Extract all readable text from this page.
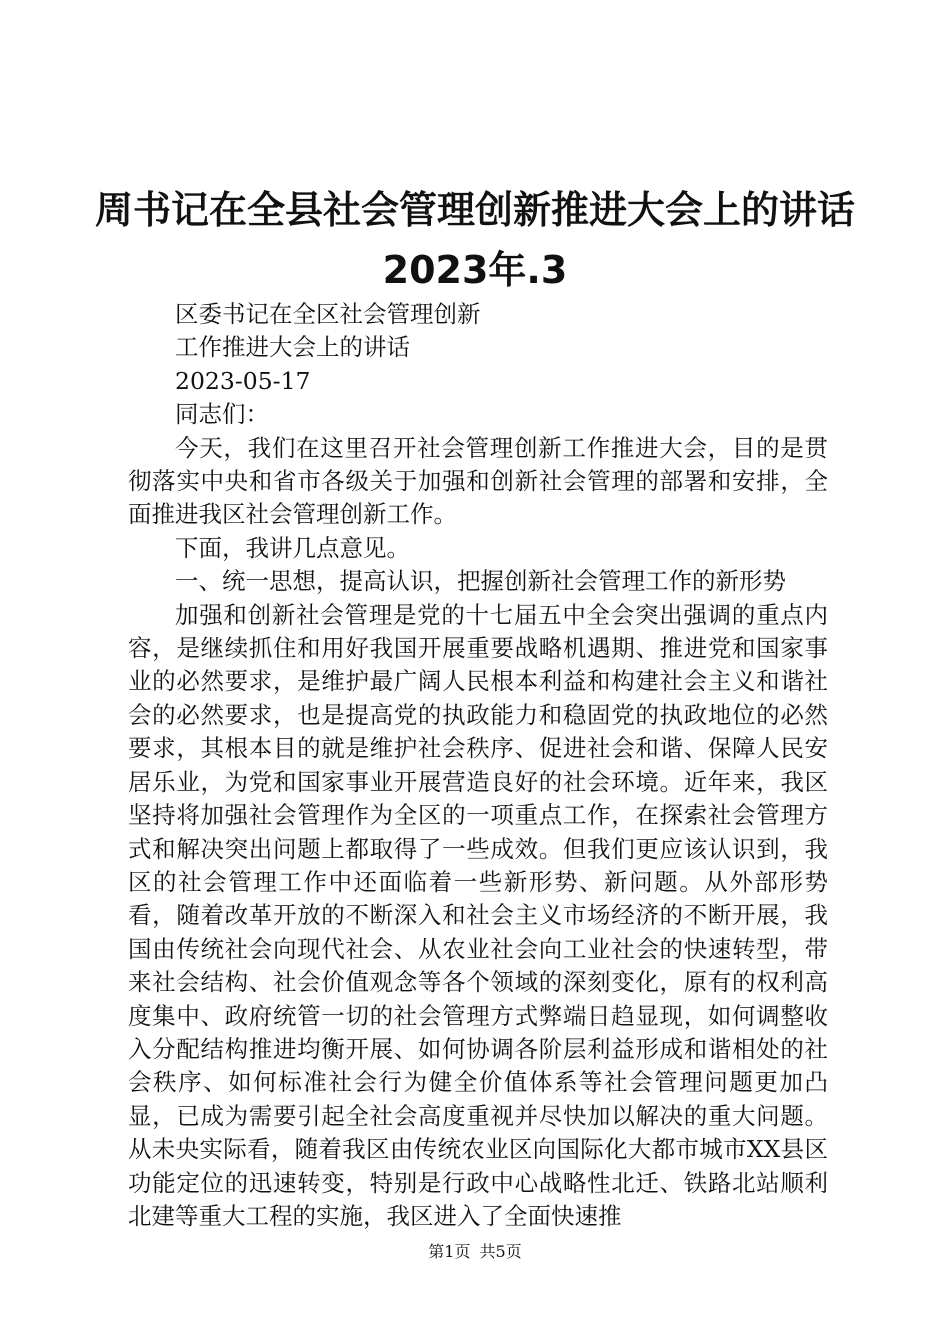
周书记在全县社会管理创新推进大会上的讲话
2023年.3

区委书记在全区社会管理创新

工作推进大会上的讲话

2023-05-17

同志们：

今天，我们在这里召开社会管理创新工作推进大会，目的是贯彻落实中央和省市各级关于加强和创新社会管理的部署和安排，全面推进我区社会管理创新工作。

下面，我讲几点意见。

一、统一思想，提高认识，把握创新社会管理工作的新形势

加强和创新社会管理是党的十七届五中全会突出强调的重点内容，是继续抓住和用好我国开展重要战略机遇期、推进党和国家事业的必然要求，是维护最广阔人民根本利益和构建社会主义和谐社会的必然要求，也是提高党的执政能力和稳固党的执政地位的必然要求，其根本目的就是维护社会秩序、促进社会和谐、保障人民安居乐业，为党和国家事业开展营造良好的社会环境。近年来，我区坚持将加强社会管理作为全区的一项重点工作，在探索社会管理方式和解决突出问题上都取得了一些成效。但我们更应该认识到，我区的社会管理工作中还面临着一些新形势、新问题。从外部形势看，随着改革开放的不断深入和社会主义市场经济的不断开展，我国由传统社会向现代社会、从农业社会向工业社会的快速转型，带来社会结构、社会价值观念等各个领域的深刻变化，原有的权利高度集中、政府统管一切的社会管理方式弊端日趋显现，如何调整收入分配结构推进均衡开展、如何协调各阶层利益形成和谐相处的社会秩序、如何标准社会行为健全价值体系等社会管理问题更加凸显，已成为需要引起全社会高度重视并尽快加以解决的重大问题。从未央实际看，随着我区由传统农业区向国际化大都市城市XX县区功能定位的迅速转变，特别是行政中心战略性北迁、铁路北站顺利北建等重大工程的实施，我区进入了全面快速推

第1页 共5页
